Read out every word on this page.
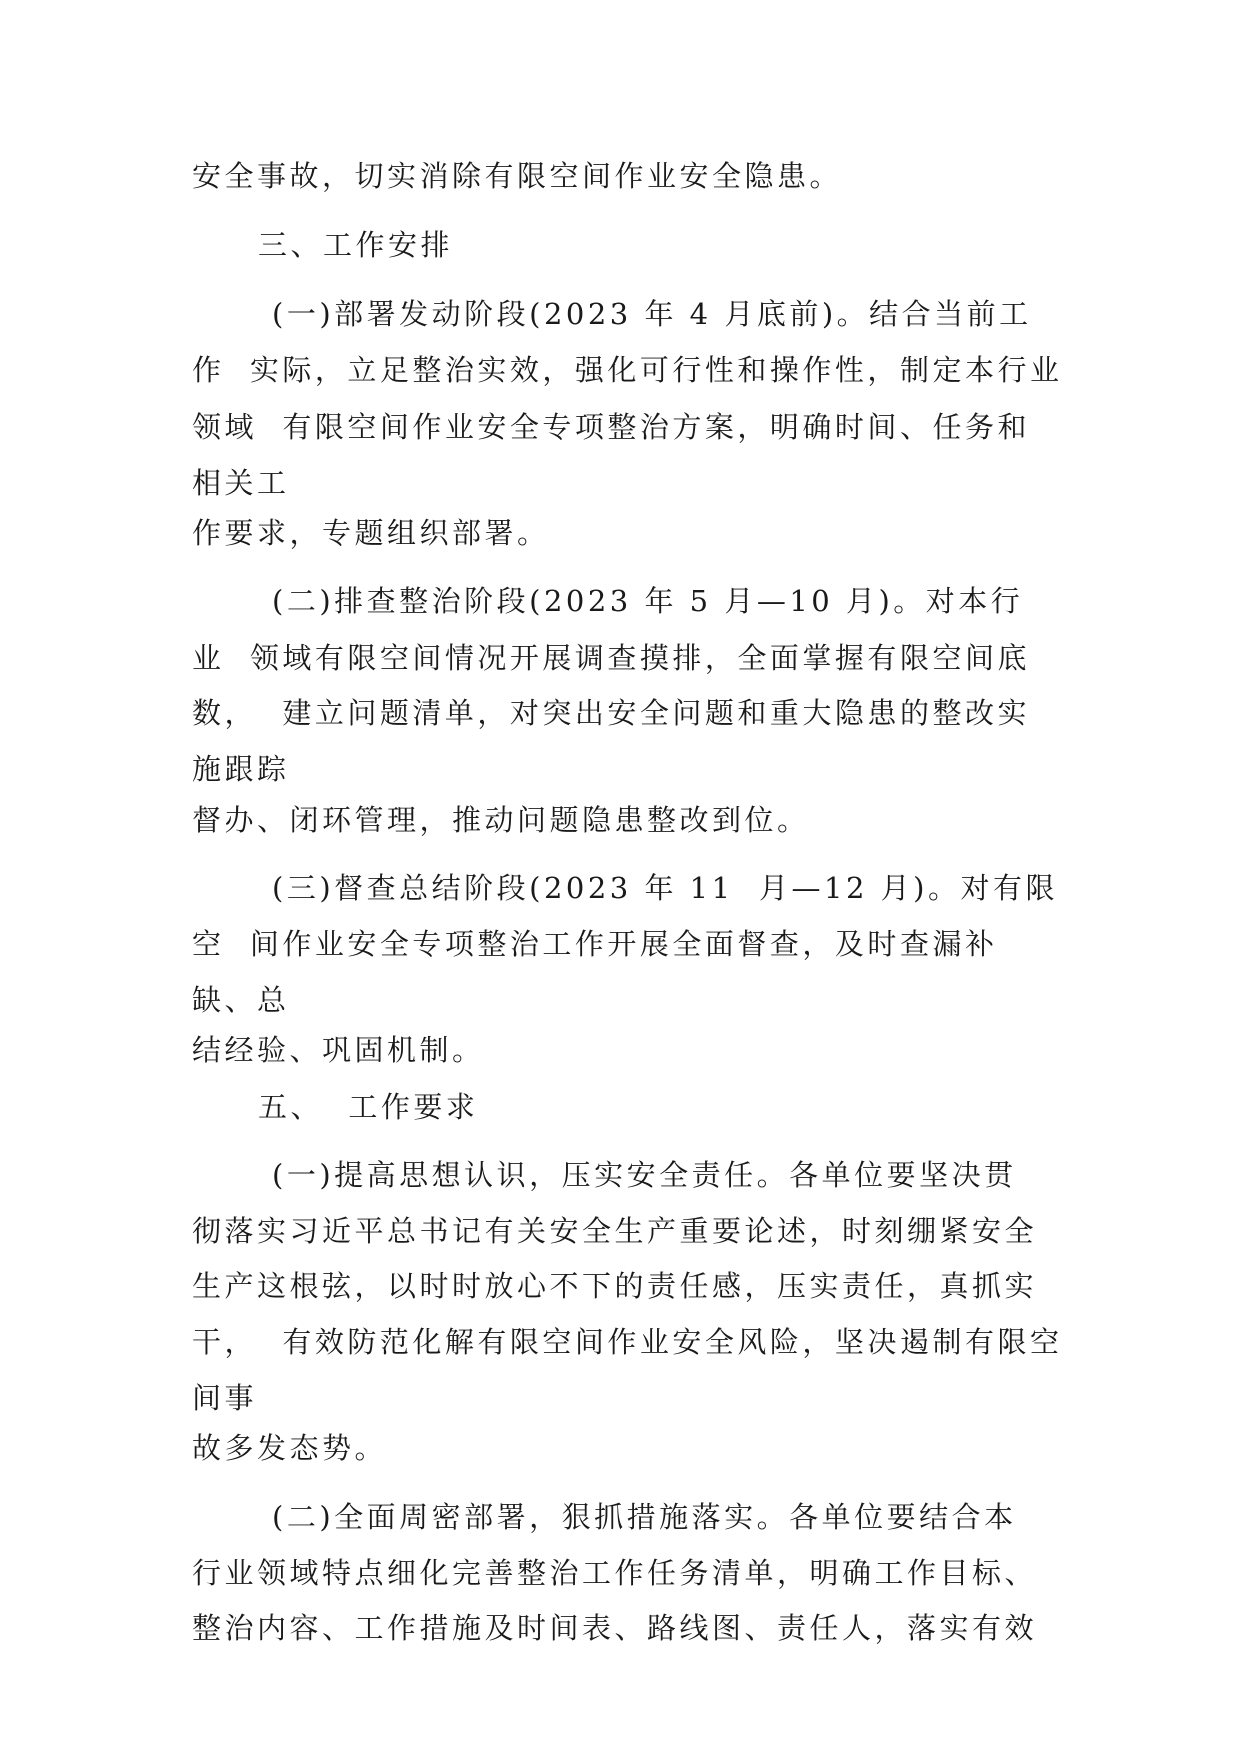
安全事故，切实消除有限空间作业安全隐患。

三、工作安排

(一)部署发动阶段(2023 年 4 月底前)。结合当前工

作  实际，立足整治实效，强化可行性和操作性，制定本行业

领域  有限空间作业安全专项整治方案，明确时间、任务和

相关工

作要求，专题组织部署。

(二)排查整治阶段(2023 年 5 月—10 月)。对本行

业  领域有限空间情况开展调查摸排，全面掌握有限空间底

数，  建立问题清单，对突出安全问题和重大隐患的整改实

施跟踪

督办、闭环管理，推动问题隐患整改到位。

(三)督查总结阶段(2023 年 11  月—12 月)。对有限

空  间作业安全专项整治工作开展全面督查，及时查漏补

缺、总

结经验、巩固机制。

五、  工作要求

(一)提高思想认识，压实安全责任。各单位要坚决贯

彻落实习近平总书记有关安全生产重要论述，时刻绷紧安全

生产这根弦，以时时放心不下的责任感，压实责任，真抓实

干，  有效防范化解有限空间作业安全风险，坚决遏制有限空

间事

故多发态势。

(二)全面周密部署，狠抓措施落实。各单位要结合本

行业领域特点细化完善整治工作任务清单，明确工作目标、

整治内容、工作措施及时间表、路线图、责任人，落实有效
